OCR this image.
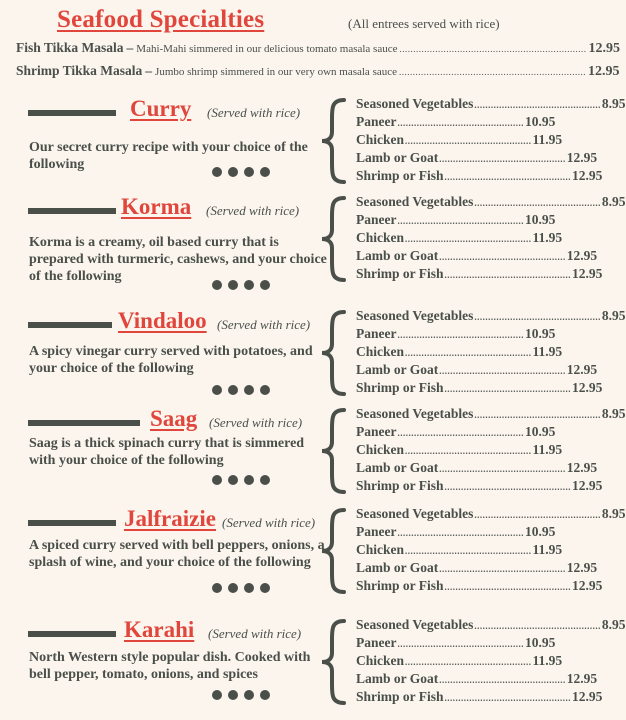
Seafood Specialties	(All entrees served with rice)
Fish Tikka Masala – Mahi-Mahi simmered in our delicious tomato masala sauce .................................................................... 12.95
Shrimp Tikka Masala – Jumbo shrimp simmered in our very own masala sauce .................................................................... 12.95
Curry (Served with rice)
Our secret curry recipe with your choice of the following
Seasoned Vegetables .............................................. 8.95
Paneer .............................................. 10.95
Chicken .............................................. 11.95
Lamb or Goat .............................................. 12.95
Shrimp or Fish .............................................. 12.95
Korma (Served with rice)
Korma is a creamy, oil based curry that is prepared with turmeric, cashews, and your choice of the following
Seasoned Vegetables .............................................. 8.95
Paneer .............................................. 10.95
Chicken .............................................. 11.95
Lamb or Goat .............................................. 12.95
Shrimp or Fish .............................................. 12.95
Vindaloo (Served with rice)
A spicy vinegar curry served with potatoes, and your choice of the following
Seasoned Vegetables .............................................. 8.95
Paneer .............................................. 10.95
Chicken .............................................. 11.95
Lamb or Goat .............................................. 12.95
Shrimp or Fish .............................................. 12.95
Saag (Served with rice)
Saag is a thick spinach curry that is simmered with your choice of the following
Seasoned Vegetables .............................................. 8.95
Paneer .............................................. 10.95
Chicken .............................................. 11.95
Lamb or Goat .............................................. 12.95
Shrimp or Fish .............................................. 12.95
Jalfraizie (Served with rice)
A spiced curry served with bell peppers, onions, a splash of wine, and your choice of the following
Seasoned Vegetables .............................................. 8.95
Paneer .............................................. 10.95
Chicken .............................................. 11.95
Lamb or Goat .............................................. 12.95
Shrimp or Fish .............................................. 12.95
Karahi (Served with rice)
North Western style popular dish. Cooked with bell pepper, tomato, onions, and spices
Seasoned Vegetables .............................................. 8.95
Paneer .............................................. 10.95
Chicken .............................................. 11.95
Lamb or Goat .............................................. 12.95
Shrimp or Fish .............................................. 12.95
